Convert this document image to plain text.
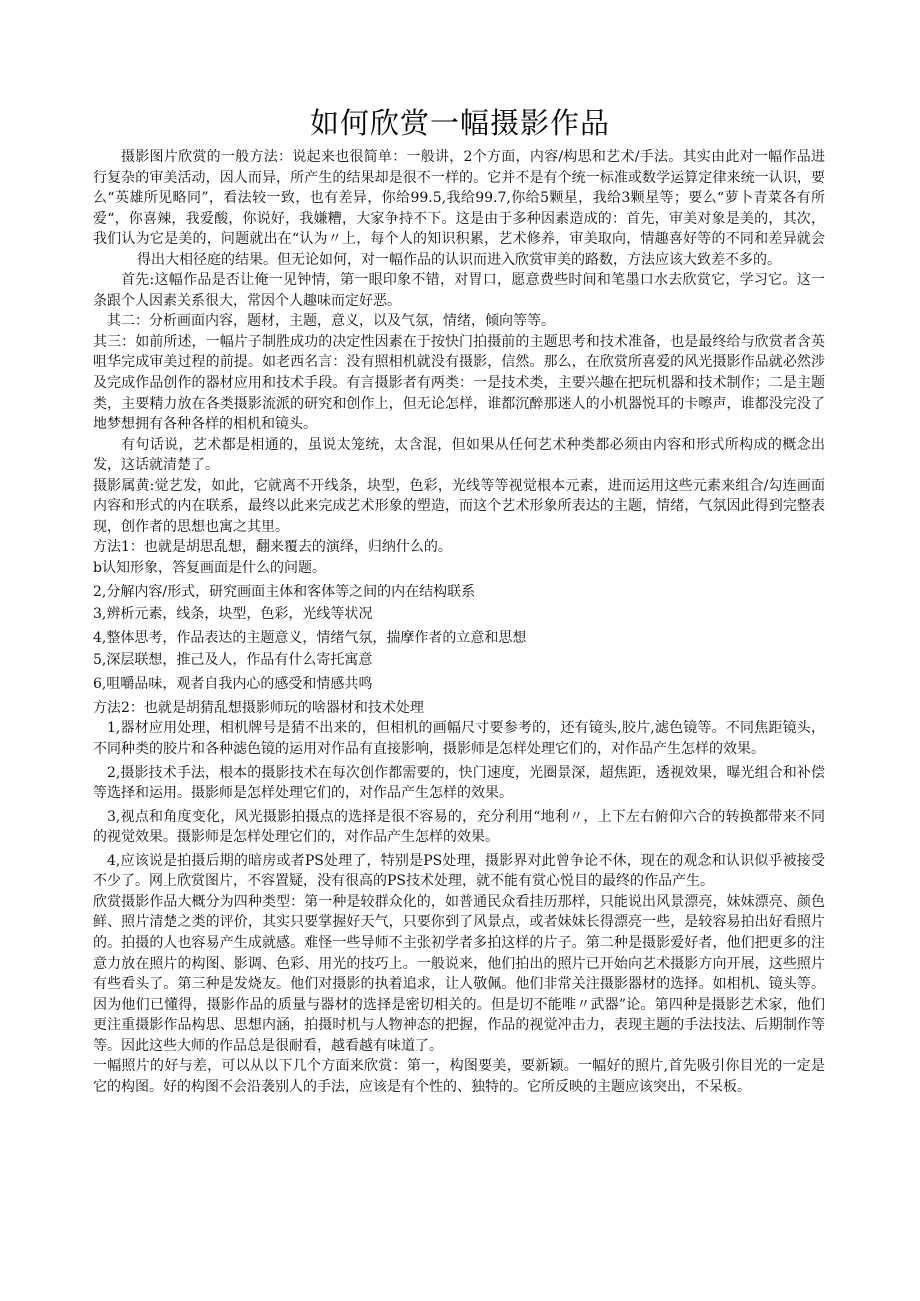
如何欣赏一幅摄影作品

摄影图片欣赏的一般方法：说起来也很简单：一般讲，2个方面，内容/构思和艺术/手法。其实由此对一幅作品进行复杂的审美活动，因人而异，所产生的结果却是很不一样的。它并不是有个统一标准或数学运算定律来统一认识，要么“英雄所见略同”，看法较一致，也有差异，你给99.5,我给99.7,你给5颗星，我给3颗星等；要么“萝卜青菜各有所爱“，你喜辣，我爱酸，你说好，我嫌糟，大家争持不下。这是由于多种因素造成的：首先，审美对象是美的，其次，我们认为它是美的，问题就出在“认为〃上，每个人的知识积累，艺术修养，审美取向，情趣喜好等的不同和差异就会得出大相径庭的结果。但无论如何，对一幅作品的认识而进入欣赏审美的路数，方法应该大致差不多的。

首先:这幅作品是否让俺一见钟情，第一眼印象不错，对胃口，愿意费些时间和笔墨口水去欣赏它，学习它。这一条跟个人因素关系很大，常因个人趣味而定好恶。

其二：分析画面内容，题材，主题，意义，以及气氛，情绪，倾向等等。

其三：如前所述，一幅片子制胜成功的决定性因素在于按快门拍摄前的主题思考和技术准备，也是最终给与欣赏者含英咀华完成审美过程的前提。如老西名言：没有照相机就没有摄影，信然。那么，在欣赏所喜爱的风光摄影作品就必然涉及完成作品创作的器材应用和技术手段。有言摄影者有两类：一是技术类，主要兴趣在把玩机器和技术制作；二是主题类，主要精力放在各类摄影流派的研究和创作上，但无论怎样，谁都沉醉那迷人的小机器悦耳的卡嚓声，谁都没完没了地梦想拥有各种各样的相机和镜头。

有句话说，艺术都是相通的，虽说太笼统，太含混，但如果从任何艺术种类都必须由内容和形式所构成的概念出发，这话就清楚了。

摄影属黄:觉艺发，如此，它就离不开线条，块型，色彩，光线等等视觉根本元素，进而运用这些元素来组合/勾连画面内容和形式的内在联系，最终以此来完成艺术形象的塑造，而这个艺术形象所表达的主题，情绪，气氛因此得到完整表现，创作者的思想也寓之其里。

方法1：也就是胡思乱想，翻来覆去的演绎，归纳什么的。

b认知形象，答复画面是什么的问题。

2,分解内容/形式，研究画面主体和客体等之间的内在结构联系

3,辨析元素，线条，块型，色彩，光线等状况

4,整体思考，作品表达的主题意义，情绪气氛，揣摩作者的立意和思想

5,深层联想，推己及人，作品有什么寄托寓意

6,咀嚼品味，观者自我内心的感受和情感共鸣

方法2：也就是胡猜乱想摄影师玩的啥器材和技术处理

1,器材应用处理，相机牌号是猜不出来的，但相机的画幅尺寸要参考的，还有镜头,胶片,滤色镜等。不同焦距镜头，不同种类的胶片和各种滤色镜的运用对作品有直接影响，摄影师是怎样处理它们的，对作品产生怎样的效果。

2,摄影技术手法，根本的摄影技术在每次创作都需要的，快门速度，光圈景深，超焦距，透视效果，曝光组合和补偿等选择和运用。摄影师是怎样处理它们的，对作品产生怎样的效果。

3,视点和角度变化，风光摄影拍摄点的选择是很不容易的，充分利用“地利〃，上下左右俯仰六合的转换都带来不同的视觉效果。摄影师是怎样处理它们的，对作品产生怎样的效果。

4,应该说是拍摄后期的暗房或者PS处理了，特别是PS处理，摄影界对此曾争论不休，现在的观念和认识似乎被接受不少了。网上欣赏图片，不容置疑，没有很高的PS技术处理，就不能有赏心悦目的最终的作品产生。

欣赏摄影作品大概分为四种类型：第一种是较群众化的，如普通民众看挂历那样，只能说出风景漂亮，妹妹漂亮、颜色鲜、照片清楚之类的评价，其实只要掌握好天气，只要你到了风景点，或者妹妹长得漂亮一些，是较容易拍出好看照片的。拍摄的人也容易产生成就感。难怪一些导师不主张初学者多拍这样的片子。第二种是摄影爱好者，他们把更多的注意力放在照片的构图、影调、色彩、用光的技巧上。一般说来，他们拍出的照片已开始向艺术摄影方向开展，这些照片有些看头了。第三种是发烧友。他们对摄影的执着追求，让人敬佩。他们非常关注摄影器材的选择。如相机、镜头等。因为他们已懂得，摄影作品的质量与器材的选择是密切相关的。但是切不能唯〃武器”论。第四种是摄影艺术家，他们更注重摄影作品构思、思想内涵，拍摄时机与人物神态的把握，作品的视觉冲击力，表现主题的手法技法、后期制作等等。因此这些大师的作品总是很耐看，越看越有味道了。

一幅照片的好与差，可以从以下几个方面来欣赏：第一，构图要美，要新颖。一幅好的照片,首先吸引你目光的一定是它的构图。好的构图不会沿袭别人的手法，应该是有个性的、独特的。它所反映的主题应该突出，不呆板。
